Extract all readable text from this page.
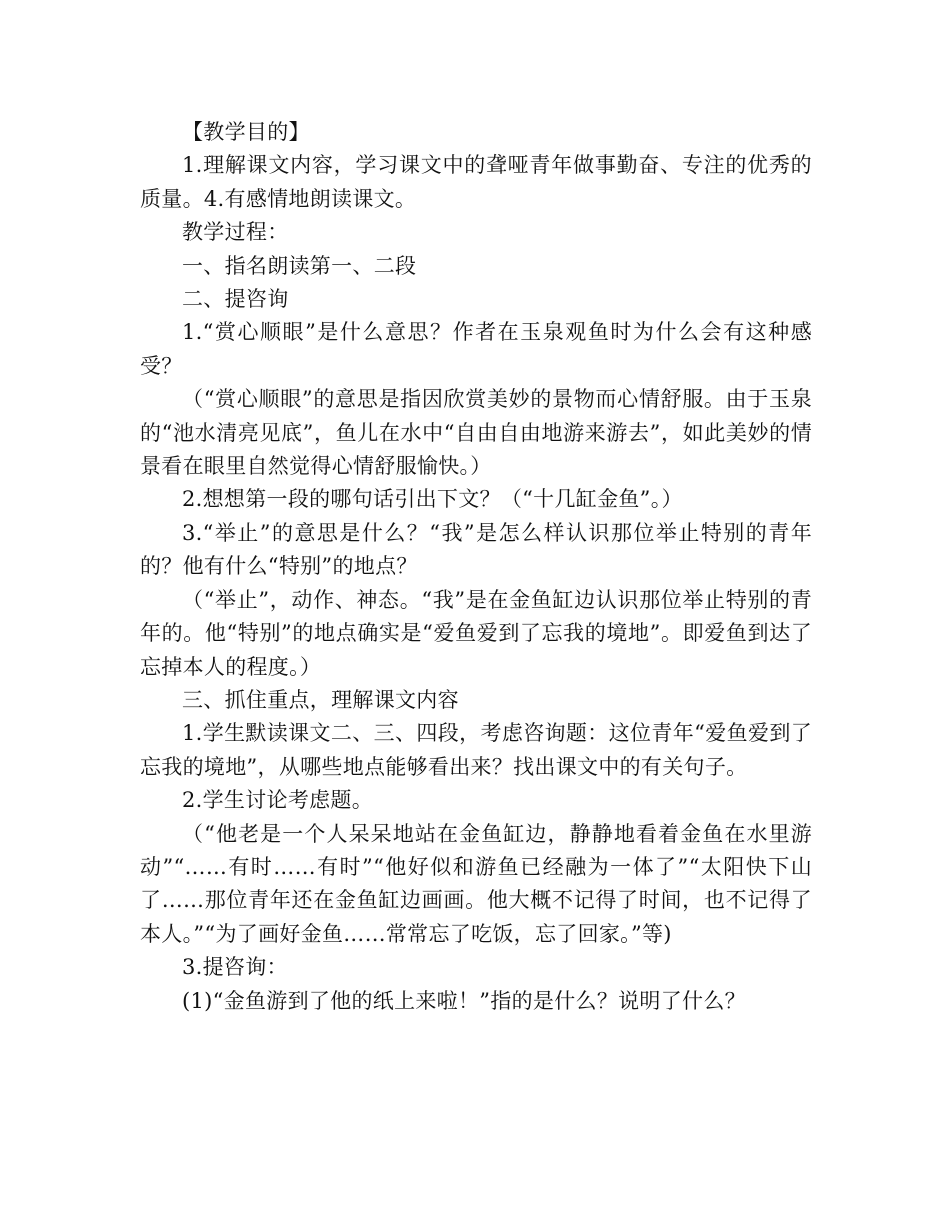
【教学目的】

1.理解课文内容，学习课文中的聋哑青年做事勤奋、专注的优秀的质量。4.有感情地朗读课文。

教学过程：

一、指名朗读第一、二段

二、提咨询

1.“赏心顺眼”是什么意思？作者在玉泉观鱼时为什么会有这种感受？

（“赏心顺眼”的意思是指因欣赏美妙的景物而心情舒服。由于玉泉的“池水清亮见底”，鱼儿在水中“自由自由地游来游去”，如此美妙的情景看在眼里自然觉得心情舒服愉快。）

2.想想第一段的哪句话引出下文？（“十几缸金鱼”。）

3.“举止”的意思是什么？“我”是怎么样认识那位举止特别的青年的？他有什么“特别”的地点？

（“举止”，动作、神态。“我”是在金鱼缸边认识那位举止特别的青年的。他“特别”的地点确实是“爱鱼爱到了忘我的境地”。即爱鱼到达了忘掉本人的程度。）

三、抓住重点，理解课文内容

1.学生默读课文二、三、四段，考虑咨询题：这位青年“爱鱼爱到了忘我的境地”，从哪些地点能够看出来？找出课文中的有关句子。

2.学生讨论考虑题。

（“他老是一个人呆呆地站在金鱼缸边，静静地看着金鱼在水里游动”“……有时……有时”“他好似和游鱼已经融为一体了”“太阳快下山了……那位青年还在金鱼缸边画画。他大概不记得了时间，也不记得了本人。”“为了画好金鱼……常常忘了吃饭，忘了回家。”等)

3.提咨询：

(1)“金鱼游到了他的纸上来啦！”指的是什么？说明了什么？
